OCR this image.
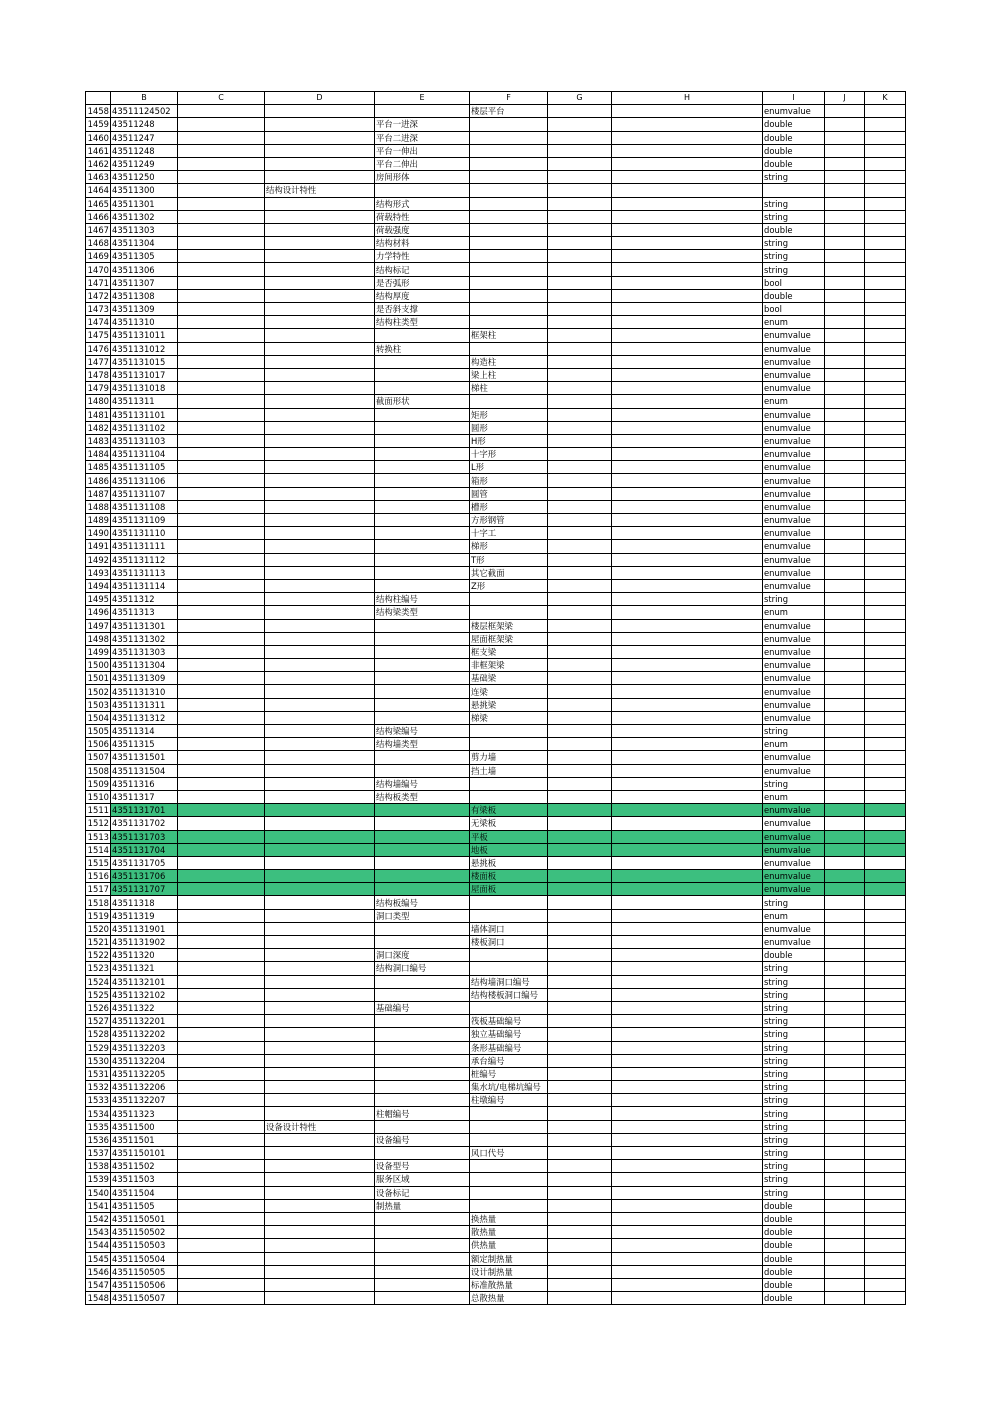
	B	C	D	E	F	G	H	I	J	K
1458	43511124502				楼层平台			enumvalue		
1459	43511248			平台一进深				double		
1460	43511247			平台二进深				double		
1461	43511248			平台一伸出				double		
1462	43511249			平台二伸出				double		
1463	43511250			房间形体				string		
1464	43511300		结构设计特性							
1465	43511301			结构形式				string		
1466	43511302			荷载特性				string		
1467	43511303			荷载强度				double		
1468	43511304			结构材料				string		
1469	43511305			力学特性				string		
1470	43511306			结构标记				string		
1471	43511307			是否弧形				bool		
1472	43511308			结构厚度				double		
1473	43511309			是否斜支撑				bool		
1474	43511310			结构柱类型				enum		
1475	4351131011				框架柱			enumvalue		
1476	4351131012			转换柱				enumvalue		
1477	4351131015				构造柱			enumvalue		
1478	4351131017				梁上柱			enumvalue		
1479	4351131018				梯柱			enumvalue		
1480	43511311			截面形状				enum		
1481	4351131101				矩形			enumvalue		
1482	4351131102				圆形			enumvalue		
1483	4351131103				H形			enumvalue		
1484	4351131104				十字形			enumvalue		
1485	4351131105				L形			enumvalue		
1486	4351131106				箱形			enumvalue		
1487	4351131107				圆管			enumvalue		
1488	4351131108				槽形			enumvalue		
1489	4351131109				方形钢管			enumvalue		
1490	4351131110				十字工			enumvalue		
1491	4351131111				梯形			enumvalue		
1492	4351131112				T形			enumvalue		
1493	4351131113				其它截面			enumvalue		
1494	4351131114				Z形			enumvalue		
1495	43511312			结构柱编号				string		
1496	43511313			结构梁类型				enum		
1497	4351131301				楼层框架梁			enumvalue		
1498	4351131302				屋面框架梁			enumvalue		
1499	4351131303				框支梁			enumvalue		
1500	4351131304				非框架梁			enumvalue		
1501	4351131309				基础梁			enumvalue		
1502	4351131310				连梁			enumvalue		
1503	4351131311				悬挑梁			enumvalue		
1504	4351131312				梯梁			enumvalue		
1505	43511314			结构梁编号				string		
1506	43511315			结构墙类型				enum		
1507	4351131501				剪力墙			enumvalue		
1508	4351131504				挡土墙			enumvalue		
1509	43511316			结构墙编号				string		
1510	43511317			结构板类型				enum		
1511	4351131701				有梁板			enumvalue		
1512	4351131702				无梁板			enumvalue		
1513	4351131703				平板			enumvalue		
1514	4351131704				地板			enumvalue		
1515	4351131705				悬挑板			enumvalue		
1516	4351131706				楼面板			enumvalue		
1517	4351131707				屋面板			enumvalue		
1518	43511318			结构板编号				string		
1519	43511319			洞口类型				enum		
1520	4351131901				墙体洞口			enumvalue		
1521	4351131902				楼板洞口			enumvalue		
1522	43511320			洞口深度				double		
1523	43511321			结构洞口编号				string		
1524	4351132101				结构墙洞口编号			string		
1525	4351132102				结构楼板洞口编号			string		
1526	43511322			基础编号				string		
1527	4351132201				筏板基础编号			string		
1528	4351132202				独立基础编号			string		
1529	4351132203				条形基础编号			string		
1530	4351132204				承台编号			string		
1531	4351132205				桩编号			string		
1532	4351132206				集水坑/电梯坑编号			string		
1533	4351132207				柱墩编号			string		
1534	43511323			柱帽编号				string		
1535	43511500		设备设计特性					string		
1536	43511501			设备编号				string		
1537	4351150101				风口代号			string		
1538	43511502			设备型号				string		
1539	43511503			服务区域				string		
1540	43511504			设备标记				string		
1541	43511505			制热量				double		
1542	4351150501				换热量			double		
1543	4351150502				散热量			double		
1544	4351150503				供热量			double		
1545	4351150504				额定制热量			double		
1546	4351150505				设计制热量			double		
1547	4351150506				标准散热量			double		
1548	4351150507				总散热量			double		
